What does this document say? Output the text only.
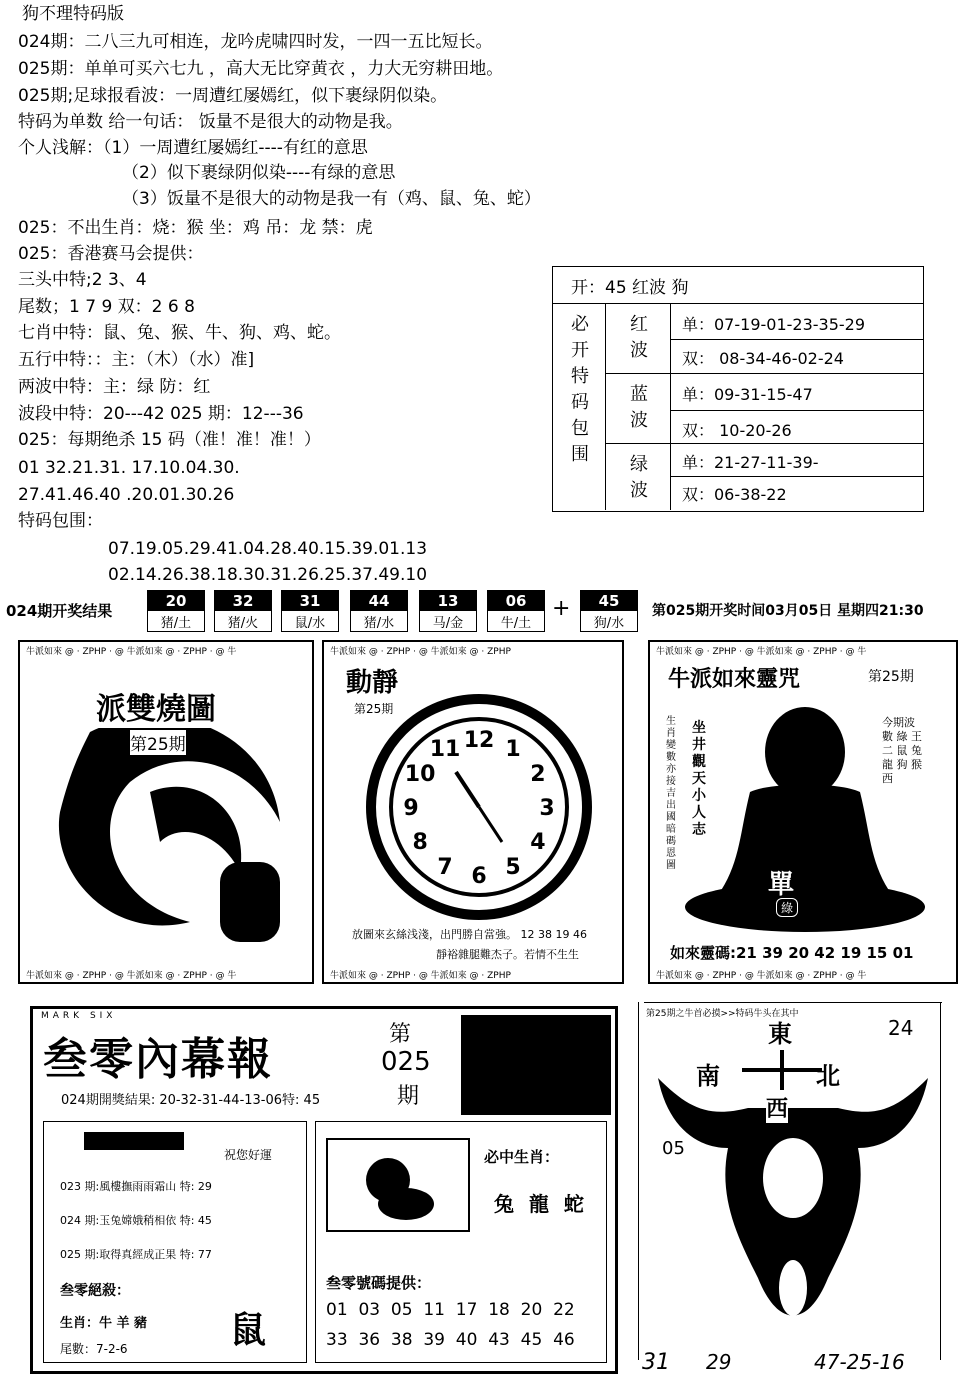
狗不理特码版
024期：二八三九可相连，龙吟虎啸四时发，一四一五比短长。
025期：单单可买六七九 ，高大无比穿黄衣 ，力大无穷耕田地。
025期;足球报看波：一周遭红屡嫣红，似下裹绿阴似染。
特码为单数 给一句话： 饭量不是很大的动物是我。
个人浅解：（1）一周遭红屡嫣红----有红的意思
（2）似下裹绿阴似染----有绿的意思
（3）饭量不是很大的动物是我一有（鸡、鼠、兔、蛇）
025：不出生肖：烧：猴 坐：鸡 吊：龙 禁：虎
025：香港赛马会提供：
三头中特;2 3、4
尾数；1 7 9 双：2 6 8
七肖中特：鼠、兔、猴、牛、狗、鸡、蛇。
五行中特：：主：（木）（水）准]
两波中特：主：绿 防：红
波段中特：20---42 025 期：12---36
025：每期绝杀 15 码（准！准！准！）
01 32.21.31. 17.10.04.30.
27.41.46.40 .20.01.30.26
特码包围：
07.19.05.29.41.04.28.40.15.39.01.13
02.14.26.38.18.30.31.26.25.37.49.10
开：45 红波 狗
必开特码包围
红波
单：07-19-01-23-35-29
双： 08-34-46-02-24
蓝波
单：09-31-15-47
双： 10-20-26
绿波
单：21-27-11-39-
双：06-38-22
024期开奖结果
20
猪/土
32
猪/火
31
鼠/水
44
猪/水
13
马/金
06
牛/土
+	45
狗/水
第025期开奖时间03月05日 星期四21:30
牛派如來 @ · ZPHP · @ 牛派如來 @ · ZPHP · @ 牛
牛派如來 @ · ZPHP · @ 牛派如來 @ · ZPHP · @ 牛
派雙燒圖
第25期
牛派如來 @ · ZPHP · @ 牛派如來 @ · ZPHP
動靜
第25期
12 1
2
3
4
5
6
7
8
9
10
11
放圖來玄絲浅淺，出門勝自當強。 12 38 19 46
靜裕雜腿難杰子。若情不生生
牛派如來 @ · ZPHP · @ 牛派如來 @ · ZPHP
牛派如來 @ · ZPHP · @ 牛派如來 @ · ZPHP · @ 牛
牛派如來靈咒	第25期
生肖 變數 亦 接 吉 出 國 暗 碼 恩 圖
坐井觀天小人志
今期波數 綠 王 二 鼠 兔 龍 狗 猴 西
單
綠
如來靈碼:21 39 20 42 19 15 01
牛派如來 @ · ZPHP · @ 牛派如來 @ · ZPHP · @ 牛
MARK SIX
叁零內幕報	第
025
期
024期開獎結果: 20-32-31-44-13-06特: 45
祝您好運
023 期:風樓撫雨雨霜山 特: 29
024 期:玉兔嫦娥稍相依 特: 45
025 期:取得真經成正果 特: 77
叁零絕殺：
生肖：牛 羊 豬
尾數：7-2-6	鼠
必中生肖：
兔 龍 蛇
叁零號碼提供：
01  03  05  11  17  18  20  22
33  36  38  39  40  43  45  46
第25期之牛首必摸>>特码牛头在其中
24
東
南	北
西
05
31 29	47-25-16
